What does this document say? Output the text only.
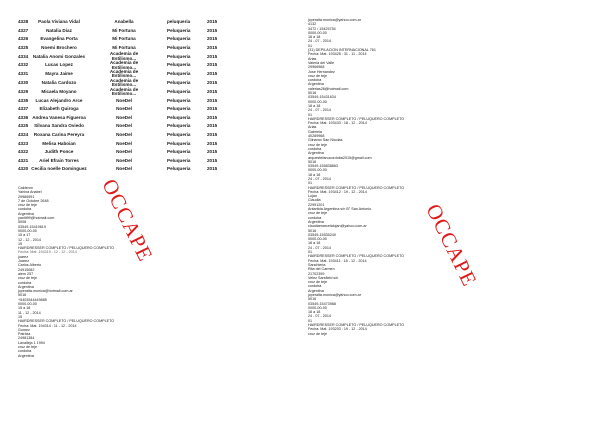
4328	Paola Viviana Vidal	Anabella	peluqueria	2015
4327	Natalia Diaz	Mi Fortuna	Peluqueria	2015
4326	Evangelina Porta	Mi Fortuna	Peluqueria	2015
4325	Noemi Brochero	Mi Fortuna	Peluqueria	2015
4334	Natalia Anomi Gonzales	Academia de Estilismo...	Peluqueria	2015
4332	Lucas Lopez	Academia de Estilismo...	Peluqueria	2015
4331	Mayra Jaime	Academia de Estilismo...	Peluqueria	2015
4330	Natalia Cardozo	Academia de Estilismo...	Peluqueria	2015
4329	Micaela Moyano	Academia de Estilismo...	Peluqueria	2015
4335	Lucas Alejandro Arce	NoeDel	Peluqueria	2015
4337	Elizabeth Quiroga	NoeDel	Peluqueria	2015
4336 Andrea Vanesa Figueroa	NoeDel	Peluqueria	2015
4325	Silvana Sandra Oviedo	NoeDel	Peluqueria	2015
4324	Roxana Carina Pereyra	NoeDel	Peluqueria	2015
4323	Melisa Haboian	NoeDel	Peluqueria	2015
4322	Judith Ponce	NoeDel	Peluqueria	2015
4321	Ariel Efrain Torres	NoeDel	Peluqueria	2015
4320 Cecilia noelle Dominguez	NoeDel	Peluqueria	2015
Calderon
Yanina Anabel
29986991
7 de Octubre 2648
cruz de teje
cordoba
Argentina
yaniti99@hotmail.com
5008
03549-15419619
0000-00-00
15 a 17
12 - 12 - 2014
15
HAIRDRESSER COMPLETO / PELUQUERO COMPLETO
Fecha: Mat. 194319 : 12 - 12 - 2014
juarez
Juarez
Carlos Alberto
24915082
alem 257
cruz de teje
cordoba
Argentina
jcperalta.monica@hotmail.com.ar
5016
+5403544449885
0000-00-00
15 a 18
11 - 12 - 2014
15
HAIRDRESSER COMPLETO / PELUQUERO COMPLETO
Fecha: Mat. 194314 : 11 - 12 - 2014
Gomez
Patricia
24981384
Lavalleja 1 1994
cruz de teje
cordoba
Argentina
OCCAPE
jcperalta.monica@yahoo.com.ar
4132
3472 / 15425754
0000-00-00
18 a 18
24 - 07 - 2014
01
(31) DEPILACION INTERNACIONAL 761
Fecha: Mat. 193425 : 31 - 11 - 2014
Arias
Valeria del Valle
29966968
Jose Hernandez
cruz de teje
cordoba
Argentina
valerias28@hotmail.com
5016
03549-15431634
0000-00-00
18 a 18
24 - 07 - 2014
01
HAIRDRESSER COMPLETO / PELUQUERO COMPLETO
Fecha: Mat. 193433 : 18 - 12 - 2014
Arias
Gabriela
40289968
Gilnamo San Nicolas
cruz de teje
cordoba
Argentina
arquestefanocordoba2015@gmail.com
5016
03549-155838863
0000-00-00
18 a 18
24 - 07 - 2014
01
HAIRDRESSER COMPLETO / PELUQUERO COMPLETO
Fecha: Mat. 193412 : 19 - 12 - 2014
Lujan
Claudia
22991201
Antartida Argentina s/n B° San Antonio
cruz de teje
cordoba
Argentina
claudiamarcelalujan@yahoo.com.ar
5016
03549-15535240
0000-00-00
18 a 18
24 - 07 - 2014
01
HAIRDRESSER COMPLETO / PELUQUERO COMPLETO
Fecha: Mat. 193411 : 18 - 12 - 2014
Sanchieria
Rita del Carmen
21702399
Velez Sarsfield s/n
cruz de teje
cordoba
Argentina
jcperalta.monica@yahoo.com.ar
5016
03549-15473988
0000-00-00
18 a 18
24 - 07 - 2014
01
HAIRDRESSER COMPLETO / PELUQUERO COMPLETO
Fecha: Mat. 193203 : 19 - 12 - 2014
cruz de teje
OCCAPE
